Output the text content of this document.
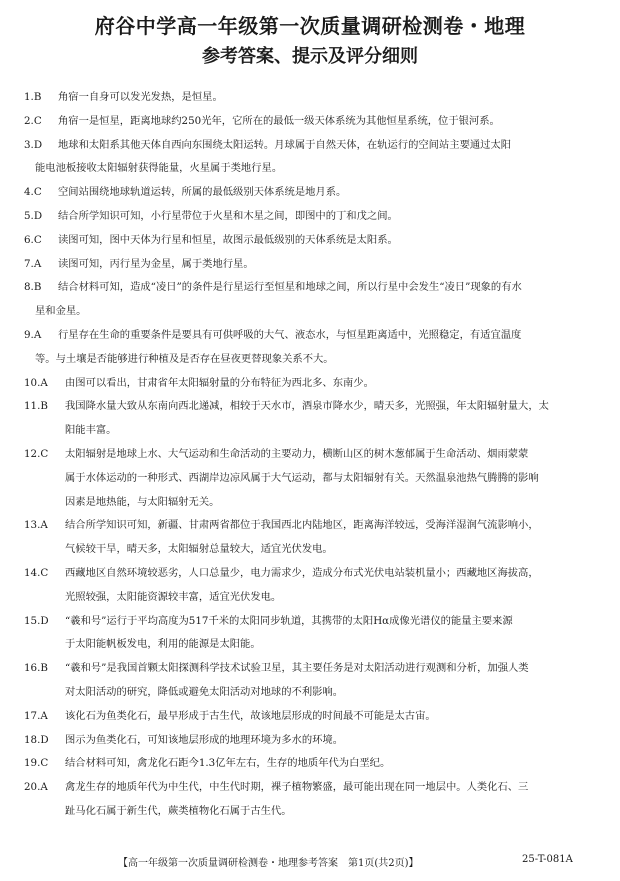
府谷中学高一年级第一次质量调研检测卷・地理
参考答案、提示及评分细则
1.B 角宿一自身可以发光发热，是恒星。
2.C 角宿一是恒星，距离地球约250光年，它所在的最低一级天体系统为其他恒星系统，位于银河系。
3.D 地球和太阳系其他天体自西向东围绕太阳运转。月球属于自然天体，在轨运行的空间站主要通过太阳
能电池板接收太阳辐射获得能量，火星属于类地行星。
4.C 空间站围绕地球轨道运转，所属的最低级别天体系统是地月系。
5.D 结合所学知识可知，小行星带位于火星和木星之间，即图中的丁和戊之间。
6.C 读图可知，图中天体为行星和恒星，故图示最低级别的天体系统是太阳系。
7.A 读图可知，丙行星为金星，属于类地行星。
8.B 结合材料可知，造成“凌日”的条件是行星运行至恒星和地球之间，所以行星中会发生“凌日”现象的有水
星和金星。
9.A 行星存在生命的重要条件是要具有可供呼吸的大气、液态水，与恒星距离适中，光照稳定，有适宜温度
等。与土壤是否能够进行种植及是否存在昼夜更替现象关系不大。
10.A 由图可以看出，甘肃省年太阳辐射量的分布特征为西北多、东南少。
11.B 我国降水量大致从东南向西北递减，相较于天水市，酒泉市降水少，晴天多，光照强，年太阳辐射量大，太
阳能丰富。
12.C 太阳辐射是地球上水、大气运动和生命活动的主要动力，横断山区的树木葱郁属于生命活动、烟雨蒙蒙
属于水体运动的一种形式、西湖岸边凉风属于大气运动，都与太阳辐射有关。天然温泉池热气腾腾的影响
因素是地热能，与太阳辐射无关。
13.A 结合所学知识可知，新疆、甘肃两省都位于我国西北内陆地区，距离海洋较远，受海洋湿润气流影响小，
气候较干旱，晴天多，太阳辐射总量较大，适宜光伏发电。
14.C 西藏地区自然环境较恶劣，人口总量少，电力需求少，造成分布式光伏电站装机量小；西藏地区海拔高，
光照较强，太阳能资源较丰富，适宜光伏发电。
15.D “羲和号”运行于平均高度为517千米的太阳同步轨道，其携带的太阳Hα成像光谱仪的能量主要来源
于太阳能帆板发电，利用的能源是太阳能。
16.B “羲和号”是我国首颗太阳探测科学技术试验卫星，其主要任务是对太阳活动进行观测和分析，加强人类
对太阳活动的研究，降低或避免太阳活动对地球的不利影响。
17.A 该化石为鱼类化石，最早形成于古生代，故该地层形成的时间最不可能是太古宙。
18.D 图示为鱼类化石，可知该地层形成的地理环境为多水的环境。
19.C 结合材料可知，禽龙化石距今1.3亿年左右，生存的地质年代为白垩纪。
20.A 禽龙生存的地质年代为中生代，中生代时期，裸子植物繁盛，最可能出现在同一地层中。人类化石、三
趾马化石属于新生代，蕨类植物化石属于古生代。
【高一年级第一次质量调研检测卷・地理参考答案　第1页(共2页)】	25-T-081A
